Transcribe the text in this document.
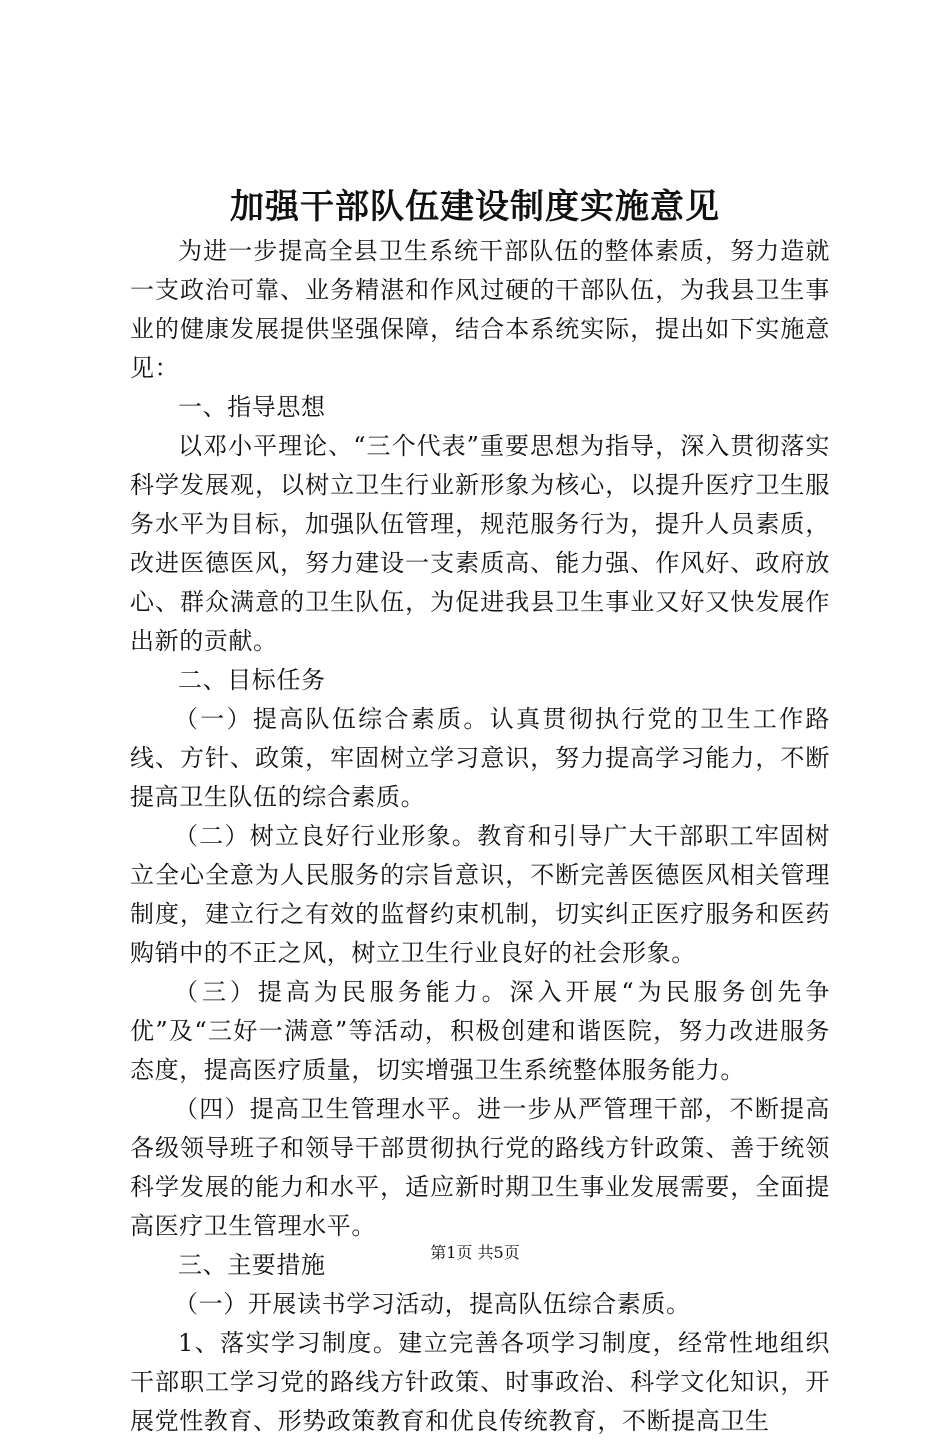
加强干部队伍建设制度实施意见

为进一步提高全县卫生系统干部队伍的整体素质，努力造就一支政治可靠、业务精湛和作风过硬的干部队伍，为我县卫生事业的健康发展提供坚强保障，结合本系统实际，提出如下实施意见：

一、指导思想

以邓小平理论、“三个代表”重要思想为指导，深入贯彻落实科学发展观，以树立卫生行业新形象为核心，以提升医疗卫生服务水平为目标，加强队伍管理，规范服务行为，提升人员素质，改进医德医风，努力建设一支素质高、能力强、作风好、政府放心、群众满意的卫生队伍，为促进我县卫生事业又好又快发展作出新的贡献。

二、目标任务

（一）提高队伍综合素质。认真贯彻执行党的卫生工作路线、方针、政策，牢固树立学习意识，努力提高学习能力，不断提高卫生队伍的综合素质。

（二）树立良好行业形象。教育和引导广大干部职工牢固树立全心全意为人民服务的宗旨意识，不断完善医德医风相关管理制度，建立行之有效的监督约束机制，切实纠正医疗服务和医药购销中的不正之风，树立卫生行业良好的社会形象。

（三）提高为民服务能力。深入开展“为民服务创先争优”及“三好一满意”等活动，积极创建和谐医院，努力改进服务态度，提高医疗质量，切实增强卫生系统整体服务能力。

（四）提高卫生管理水平。进一步从严管理干部，不断提高各级领导班子和领导干部贯彻执行党的路线方针政策、善于统领科学发展的能力和水平，适应新时期卫生事业发展需要，全面提高医疗卫生管理水平。

三、主要措施

（一）开展读书学习活动，提高队伍综合素质。

1、落实学习制度。建立完善各项学习制度，经常性地组织干部职工学习党的路线方针政策、时事政治、科学文化知识，开展党性教育、形势政策教育和优良传统教育，不断提高卫生

第1页 共5页
